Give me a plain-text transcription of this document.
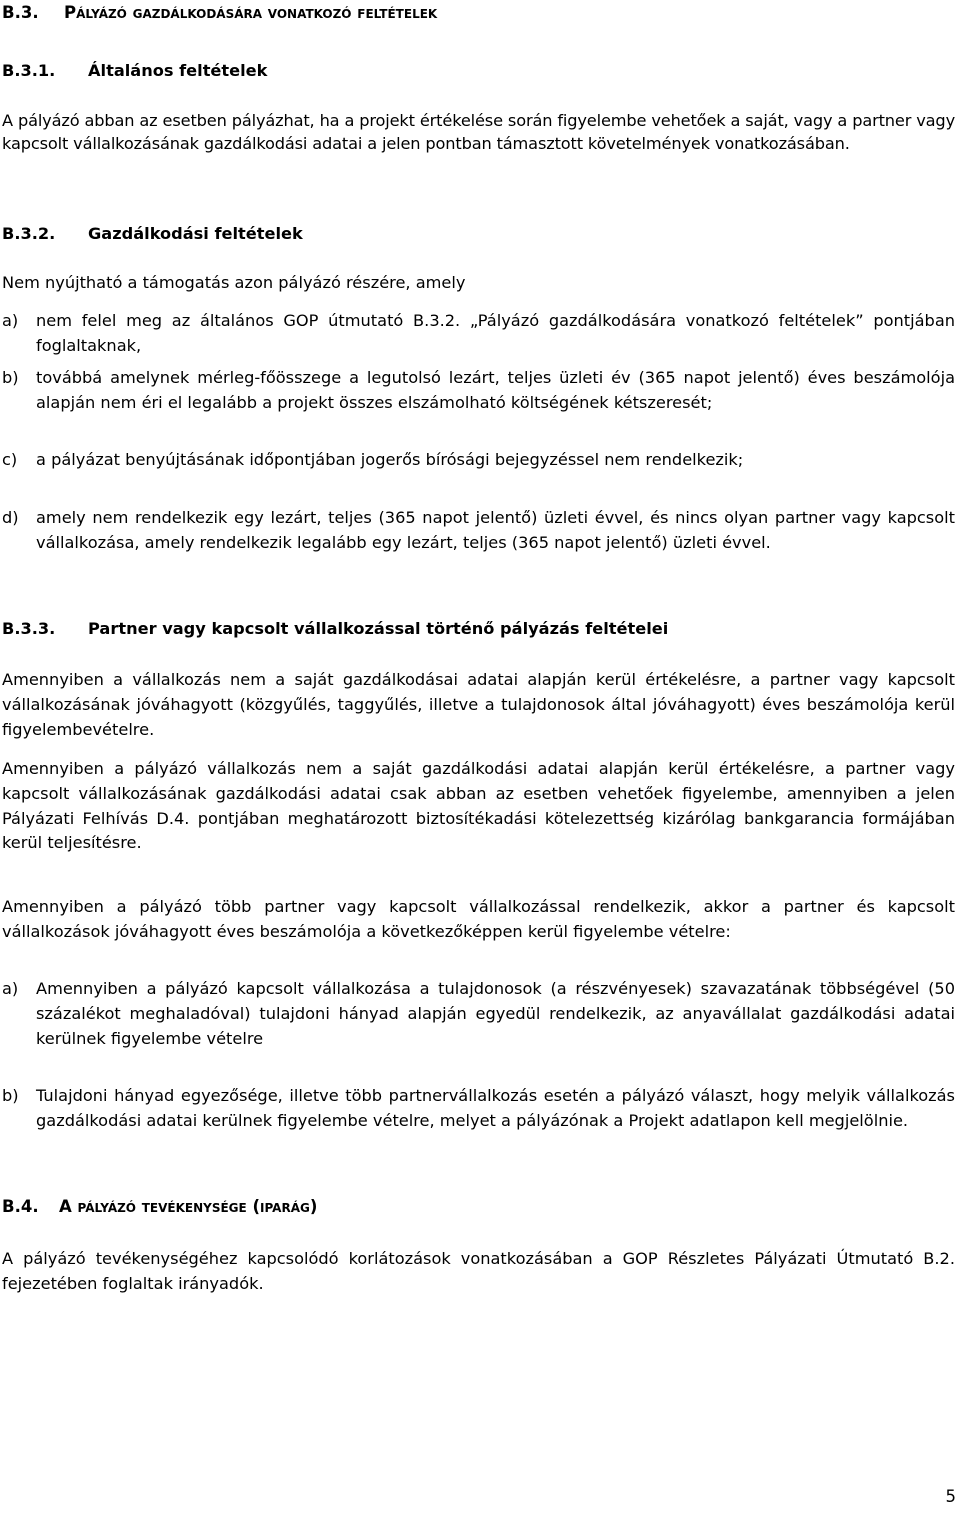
B.3. Pályázó gazdálkodására vonatkozó feltételek
B.3.1. Általános feltételek

A pályázó abban az esetben pályázhat, ha a projekt értékelése során figyelembe vehetőek a saját, vagy a partner vagy kapcsolt vállalkozásának gazdálkodási adatai a jelen pontban támasztott követelmények vonatkozásában.

B.3.2. Gazdálkodási feltételek

Nem nyújtható a támogatás azon pályázó részére, amely

a) nem felel meg az általános GOP útmutató B.3.2. „Pályázó gazdálkodására vonatkozó feltételek” pontjában foglaltaknak,
b) továbbá amelynek mérleg-főösszege a legutolsó lezárt, teljes üzleti év (365 napot jelentő) éves beszámolója alapján nem éri el legalább a projekt összes elszámolható költségének kétszeresét;
c) a pályázat benyújtásának időpontjában jogerős bírósági bejegyzéssel nem rendelkezik;
d) amely nem rendelkezik egy lezárt, teljes (365 napot jelentő) üzleti évvel, és nincs olyan partner vagy kapcsolt vállalkozása, amely rendelkezik legalább egy lezárt, teljes (365 napot jelentő) üzleti évvel.
B.3.3. Partner vagy kapcsolt vállalkozással történő pályázás feltételei

Amennyiben a vállalkozás nem a saját gazdálkodásai adatai alapján kerül értékelésre, a partner vagy kapcsolt vállalkozásának jóváhagyott (közgyűlés, taggyűlés, illetve a tulajdonosok által jóváhagyott) éves beszámolója kerül figyelembevételre.

Amennyiben a pályázó vállalkozás nem a saját gazdálkodási adatai alapján kerül értékelésre, a partner vagy kapcsolt vállalkozásának gazdálkodási adatai csak abban az esetben vehetőek figyelembe, amennyiben a jelen Pályázati Felhívás D.4. pontjában meghatározott biztosítékadási kötelezettség kizárólag bankgarancia formájában kerül teljesítésre.

Amennyiben a pályázó több partner vagy kapcsolt vállalkozással rendelkezik, akkor a partner és kapcsolt vállalkozások jóváhagyott éves beszámolója a következőképpen kerül figyelembe vételre:

a) Amennyiben a pályázó kapcsolt vállalkozása a tulajdonosok (a részvényesek) szavazatának többségével (50 százalékot meghaladóval) tulajdoni hányad alapján egyedül rendelkezik, az anyavállalat gazdálkodási adatai kerülnek figyelembe vételre
b) Tulajdoni hányad egyezősége, illetve több partnervállalkozás esetén a pályázó választ, hogy melyik vállalkozás gazdálkodási adatai kerülnek figyelembe vételre, melyet a pályázónak a Projekt adatlapon kell megjelölnie.
B.4. A pályázó tevékenysége (iparág)

A pályázó tevékenységéhez kapcsolódó korlátozások vonatkozásában a GOP Részletes Pályázati Útmutató B.2. fejezetében foglaltak irányadók.

5
